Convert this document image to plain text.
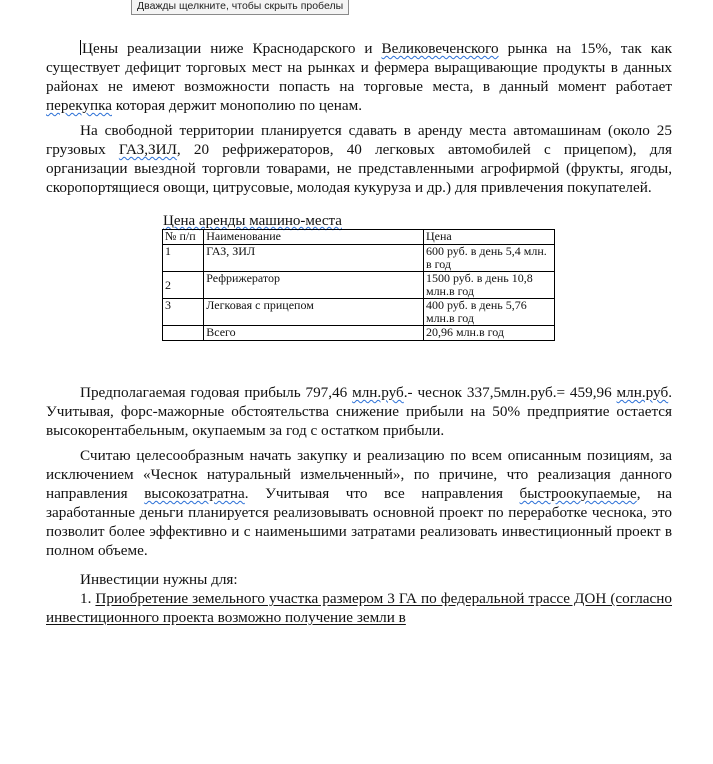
Дважды щелкните, чтобы скрыть пробелы

Цены реализации ниже Краснодарского и Великовеченского рынка на 15%, так как существует дефицит торговых мест на рынках и фермера выращивающие продукты в данных районах не имеют возможности попасть на торговые места, в данный момент работает перекупка которая держит монополию по ценам.

На свободной территории планируется сдавать в аренду места автомашинам (около 25 грузовых ГАЗ,ЗИЛ, 20 рефрижераторов, 40 легковых автомобилей с прицепом), для организации выездной торговли товарами, не представленными агрофирмой (фрукты, ягоды, скоропортящиеся овощи, цитрусовые, молодая кукуруза и др.) для привлечения покупателей.

Цена аренды машино-места
№ п/п	Наименование	Цена
1	ГАЗ, ЗИЛ	600 руб. в день 5,4 млн. в год
2	Рефрижератор	1500 руб. в день 10,8 млн.в год
3	Легковая с прицепом	400 руб. в день 5,76 млн.в год
	Всего	20,96 млн.в год

Предполагаемая годовая прибыль 797,46 млн.руб.- чеснок 337,5млн.руб.= 459,96 млн.руб. Учитывая, форс-мажорные обстоятельства снижение прибыли на 50% предприятие остается высокорентабельным, окупаемым за год с остатком прибыли.

Считаю целесообразным начать закупку и реализацию по всем описанным позициям, за исключением «Чеснок натуральный измельченный», по причине, что реализация данного направления высокозатратна. Учитывая что все направления быстроокупаемые, на заработанные деньги планируется реализовывать основной проект по переработке чеснока, это позволит более эффективно и с наименьшими затратами реализовать инвестиционный проект в полном объеме.

Инвестиции нужны для:

1. Приобретение земельного участка размером 3 ГА по федеральной трассе ДОН (согласно инвестиционного проекта возможно получение земли в
